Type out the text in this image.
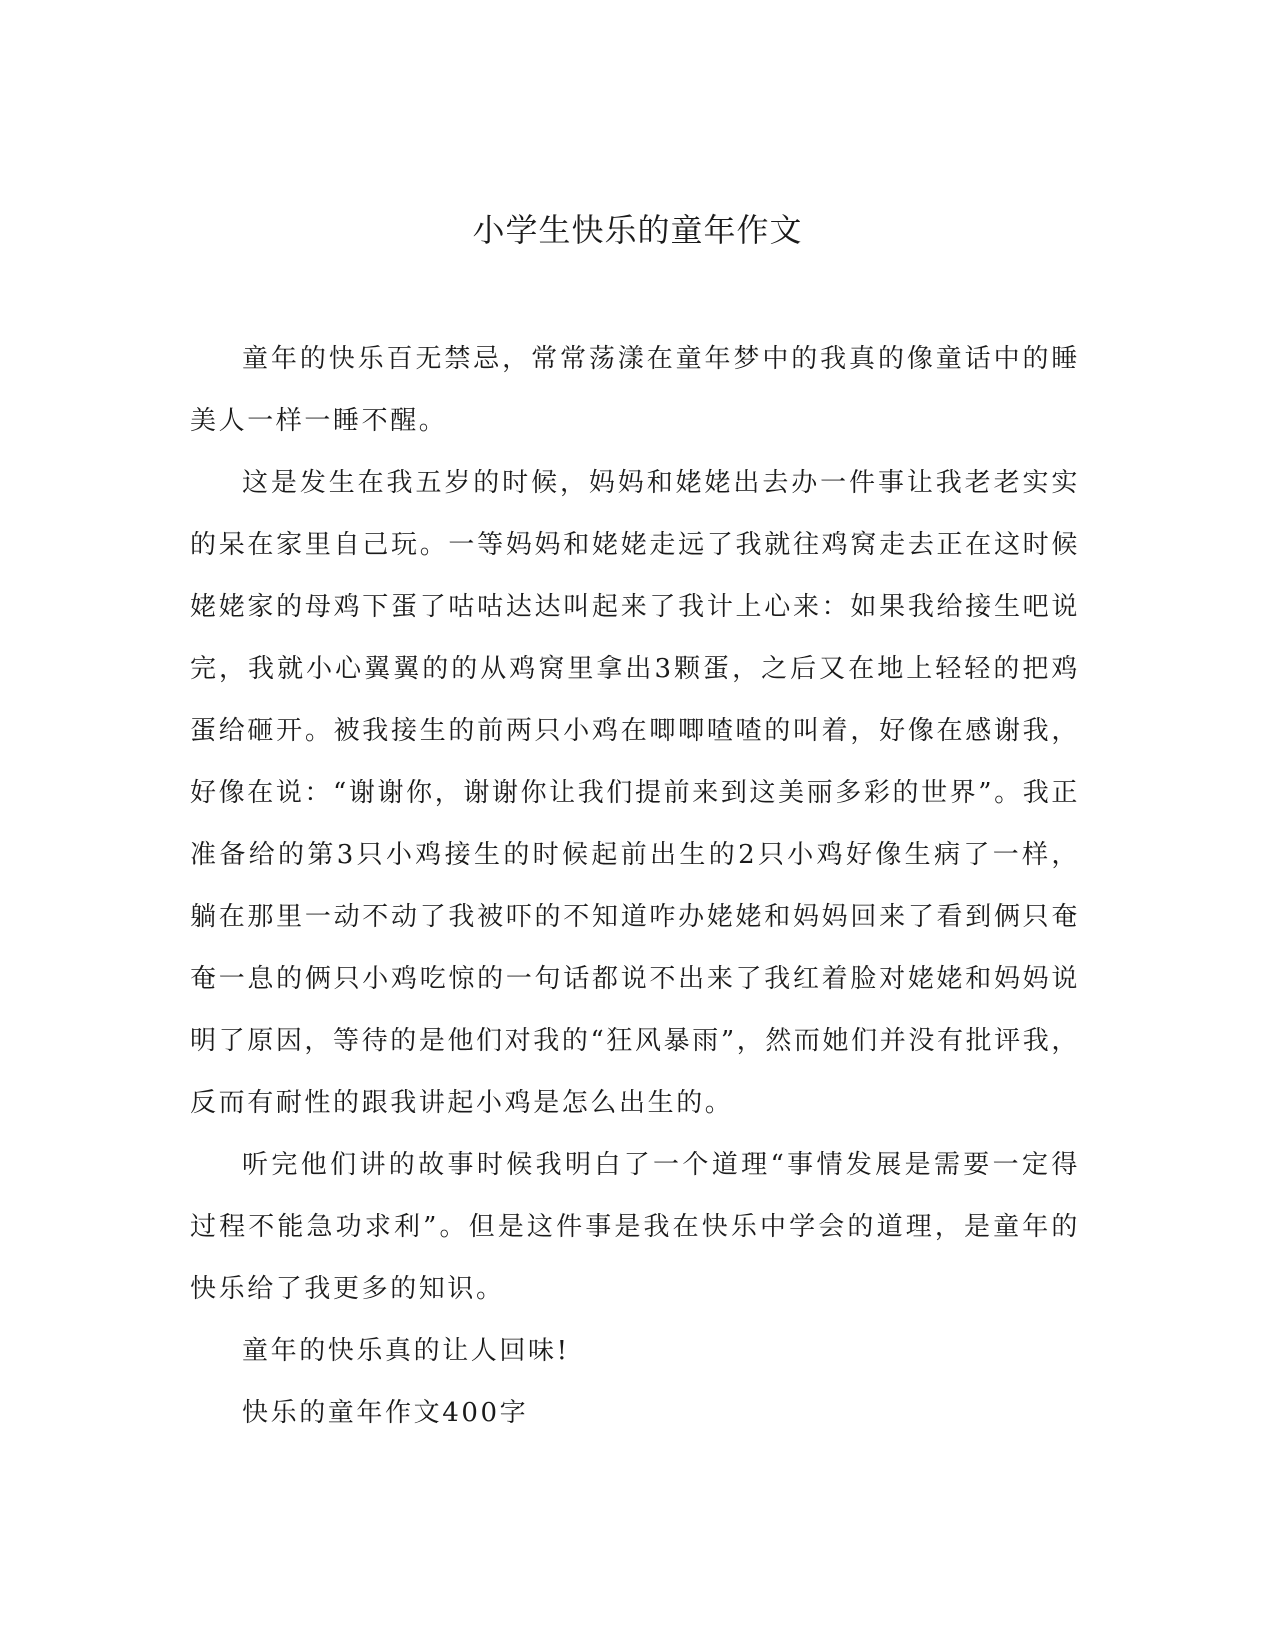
小学生快乐的童年作文

童年的快乐百无禁忌，常常荡漾在童年梦中的我真的像童话中的睡美人一样一睡不醒。

这是发生在我五岁的时候，妈妈和姥姥出去办一件事让我老老实实的呆在家里自己玩。一等妈妈和姥姥走远了我就往鸡窝走去正在这时候姥姥家的母鸡下蛋了咕咕达达叫起来了我计上心来：如果我给接生吧说完，我就小心翼翼的的从鸡窝里拿出3颗蛋，之后又在地上轻轻的把鸡蛋给砸开。被我接生的前两只小鸡在唧唧喳喳的叫着，好像在感谢我，好像在说：“谢谢你，谢谢你让我们提前来到这美丽多彩的世界”。我正准备给的第3只小鸡接生的时候起前出生的2只小鸡好像生病了一样，躺在那里一动不动了我被吓的不知道咋办姥姥和妈妈回来了看到俩只奄奄一息的俩只小鸡吃惊的一句话都说不出来了我红着脸对姥姥和妈妈说明了原因，等待的是他们对我的“狂风暴雨”，然而她们并没有批评我，反而有耐性的跟我讲起小鸡是怎么出生的。

听完他们讲的故事时候我明白了一个道理“事情发展是需要一定得过程不能急功求利”。但是这件事是我在快乐中学会的道理，是童年的快乐给了我更多的知识。

童年的快乐真的让人回味!

快乐的童年作文400字
